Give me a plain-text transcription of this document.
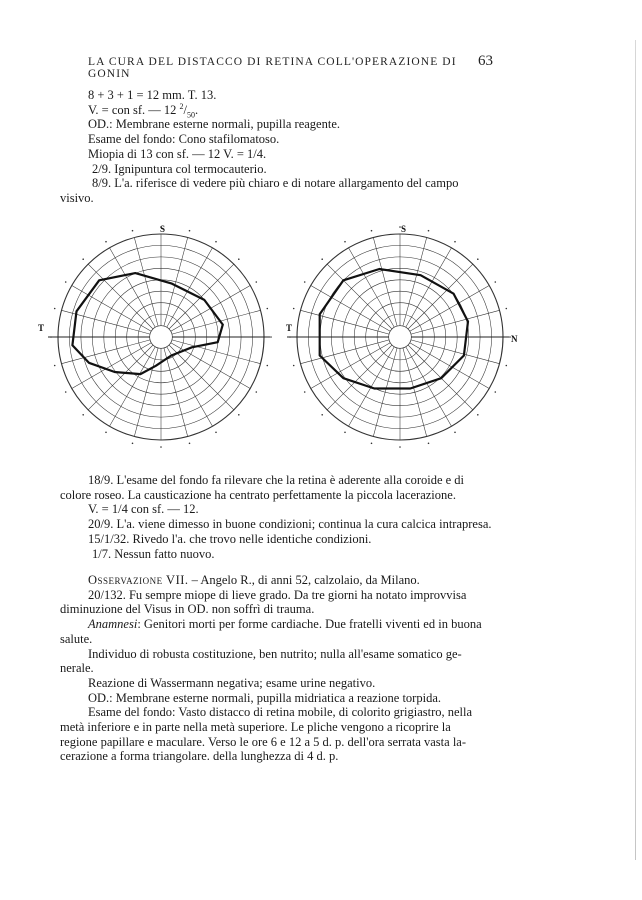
LA CURA DEL DISTACCO DI RETINA COLL'OPERAZIONE DI GONIN
63
8 + 3 + 1 = 12 mm. T. 13.
V. = con sf. — 12 $^2/_{50}$.
OD.: Membrane esterne normali, pupilla reagente.
Esame del fondo: Cono stafilomatoso.
Miopia di 13 con sf. — 12 V. = 1/4.
2/9. Ignipuntura col termocauterio.
8/9. L'a. riferisce di vedere più chiaro e di notare allargamento del campo
visivo.
S
T
S
T
N
18/9. L'esame del fondo fa rilevare che la retina è aderente alla coroide e di
colore roseo. La causticazione ha centrato perfettamente la piccola lacerazione.
V. = 1/4 con sf. — 12.
20/9. L'a. viene dimesso in buone condizioni; continua la cura calcica intrapresa.
15/1/32. Rivedo l'a. che trovo nelle identiche condizioni.
1/7. Nessun fatto nuovo.
Osservazione VII. – Angelo R., di anni 52, calzolaio, da Milano.
20/132. Fu sempre miope di lieve grado. Da tre giorni ha notato improvvisa
diminuzione del Visus in OD. non soffrì di trauma.
Anamnesi: Genitori morti per forme cardiache. Due fratelli viventi ed in buona
salute.
Individuo di robusta costituzione, ben nutrito; nulla all'esame somatico ge-
nerale.
Reazione di Wassermann negativa; esame urine negativo.
OD.: Membrane esterne normali, pupilla midriatica a reazione torpida.
Esame del fondo: Vasto distacco di retina mobile, di colorito grigiastro, nella
metà inferiore e in parte nella metà superiore. Le pliche vengono a ricoprire la
regione papillare e maculare. Verso le ore 6 e 12 a 5 d. p. dell'ora serrata vasta la-
cerazione a forma triangolare. della lunghezza di 4 d. p.
